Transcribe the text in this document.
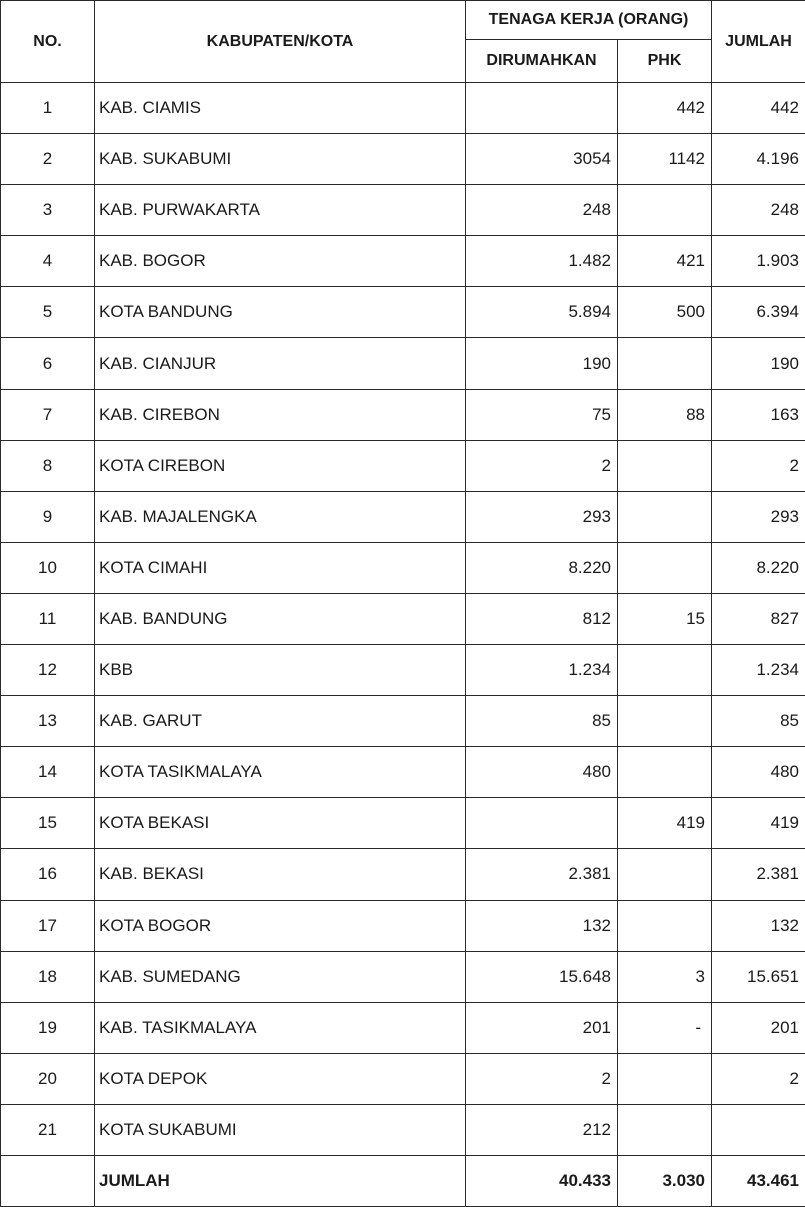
NO.	KABUPATEN/KOTA	TENAGA KERJA (ORANG)		JUMLAH
		DIRUMAHKAN	PHK	
1	KAB. CIAMIS		442	442
2	KAB. SUKABUMI	3054	1142	4.196
3	KAB. PURWAKARTA	248		248
4	KAB. BOGOR	1.482	421	1.903
5	KOTA BANDUNG	5.894	500	6.394
6	KAB. CIANJUR	190		190
7	KAB. CIREBON	75	88	163
8	KOTA CIREBON	2		2
9	KAB. MAJALENGKA	293		293
10	KOTA CIMAHI	8.220		8.220
11	KAB. BANDUNG	812	15	827
12	KBB	1.234		1.234
13	KAB. GARUT	85		85
14	KOTA TASIKMALAYA	480		480
15	KOTA BEKASI		419	419
16	KAB. BEKASI	2.381		2.381
17	KOTA BOGOR	132		132
18	KAB. SUMEDANG	15.648	3	15.651
19	KAB. TASIKMALAYA	201	-	201
20	KOTA DEPOK	2		2
21	KOTA SUKABUMI	212		
	JUMLAH	40.433	3.030	43.461
